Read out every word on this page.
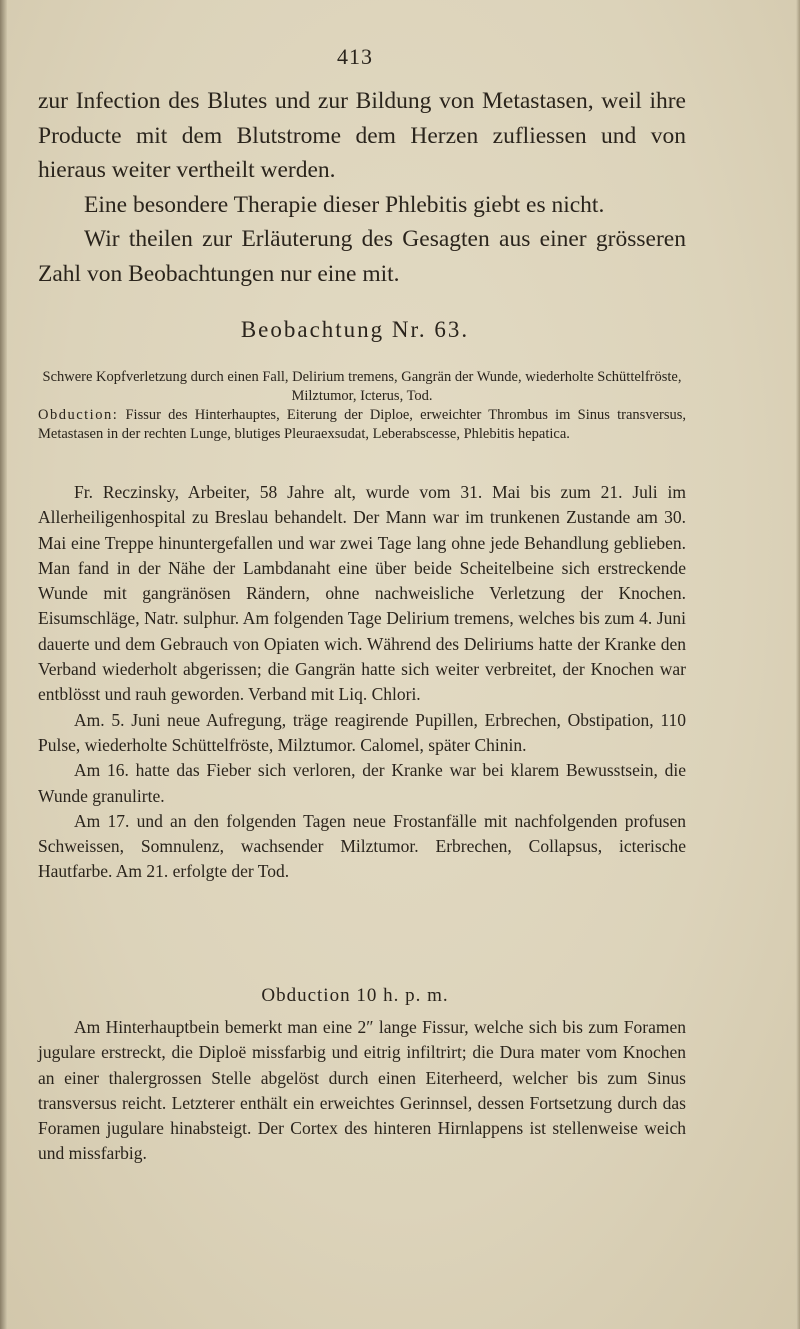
413

zur Infection des Blutes und zur Bildung von Metastasen, weil ihre Producte mit dem Blutstrome dem Herzen zufliessen und von hieraus weiter vertheilt werden.

Eine besondere Therapie dieser Phlebitis giebt es nicht.

Wir theilen zur Erläuterung des Gesagten aus einer grösseren Zahl von Beobachtungen nur eine mit.

Beobachtung Nr. 63.

Schwere Kopfverletzung durch einen Fall, Delirium tremens, Gangrän der Wunde, wiederholte Schüttelfröste, Milztumor, Icterus, Tod.

Obduction: Fissur des Hinterhauptes, Eiterung der Diploe, erweichter Thrombus im Sinus transversus, Metastasen in der rechten Lunge, blutiges Pleuraexsudat, Leberabscesse, Phlebitis hepatica.

Fr. Reczinsky, Arbeiter, 58 Jahre alt, wurde vom 31. Mai bis zum 21. Juli im Allerheiligenhospital zu Breslau behandelt. Der Mann war im trunkenen Zustande am 30. Mai eine Treppe hinuntergefallen und war zwei Tage lang ohne jede Behandlung geblieben. Man fand in der Nähe der Lambdanaht eine über beide Scheitelbeine sich erstreckende Wunde mit gangränösen Rändern, ohne nachweisliche Verletzung der Knochen. Eisumschläge, Natr. sulphur. Am folgenden Tage Delirium tremens, welches bis zum 4. Juni dauerte und dem Gebrauch von Opiaten wich. Während des Deliriums hatte der Kranke den Verband wiederholt abgerissen; die Gangrän hatte sich weiter verbreitet, der Knochen war entblösst und rauh geworden. Verband mit Liq. Chlori.

Am. 5. Juni neue Aufregung, träge reagirende Pupillen, Erbrechen, Obstipation, 110 Pulse, wiederholte Schüttelfröste, Milztumor. Calomel, später Chinin.

Am 16. hatte das Fieber sich verloren, der Kranke war bei klarem Bewusstsein, die Wunde granulirte.

Am 17. und an den folgenden Tagen neue Frostanfälle mit nachfolgenden profusen Schweissen, Somnulenz, wachsender Milztumor. Erbrechen, Collapsus, icterische Hautfarbe. Am 21. erfolgte der Tod.

Obduction 10 h. p. m.

Am Hinterhauptbein bemerkt man eine 2″ lange Fissur, welche sich bis zum Foramen jugulare erstreckt, die Diploë missfarbig und eitrig infiltrirt; die Dura mater vom Knochen an einer thalergrossen Stelle abgelöst durch einen Eiterheerd, welcher bis zum Sinus transversus reicht. Letzterer enthält ein erweichtes Gerinnsel, dessen Fortsetzung durch das Foramen jugulare hinabsteigt. Der Cortex des hinteren Hirnlappens ist stellenweise weich und missfarbig.
